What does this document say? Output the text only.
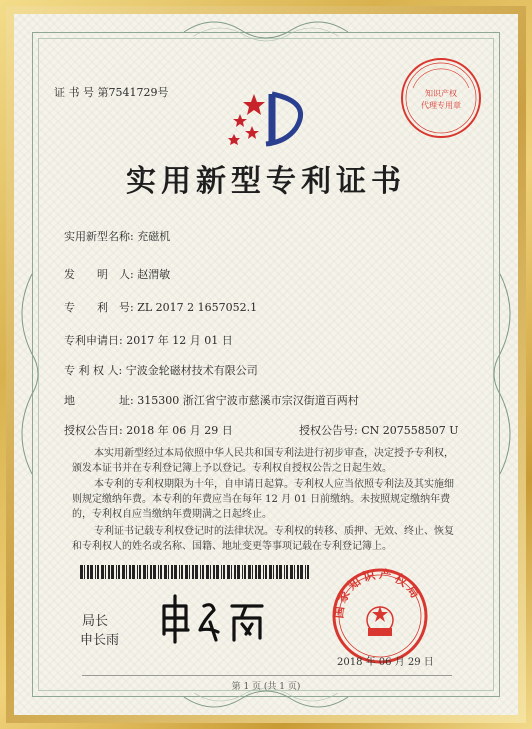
证 书 号 第7541729号	知识产权
代理专用章
实用新型专利证书
实用新型名称: 充磁机
发　　明　人: 赵渭敏
专　　利　号: ZL 2017 2 1657052.1
专利申请日: 2017 年 12 月 01 日
专 利 权 人: 宁波金轮磁材技术有限公司
地　　　　址: 315300 浙江省宁波市慈溪市宗汉街道百两村
授权公告日: 2018 年 06 月 29 日	授权公告号: CN 207558507 U
本实用新型经过本局依照中华人民共和国专利法进行初步审查，决定授予专利权，颁发本证书并在专利登记簿上予以登记。专利权自授权公告之日起生效。
本专利的专利权期限为十年，自申请日起算。专利权人应当依照专利法及其实施细则规定缴纳年费。本专利的年费应当在每年 12 月 01 日前缴纳。未按照规定缴纳年费的，专利权自应当缴纳年费期满之日起终止。
专利证书记载专利权登记时的法律状况。专利权的转移、质押、无效、终止、恢复和专利权人的姓名或名称、国籍、地址变更等事项记载在专利登记簿上。
局长
申长雨
国家知识产权局
2018 年 06 月 29 日
第 1 页 (共 1 页)
